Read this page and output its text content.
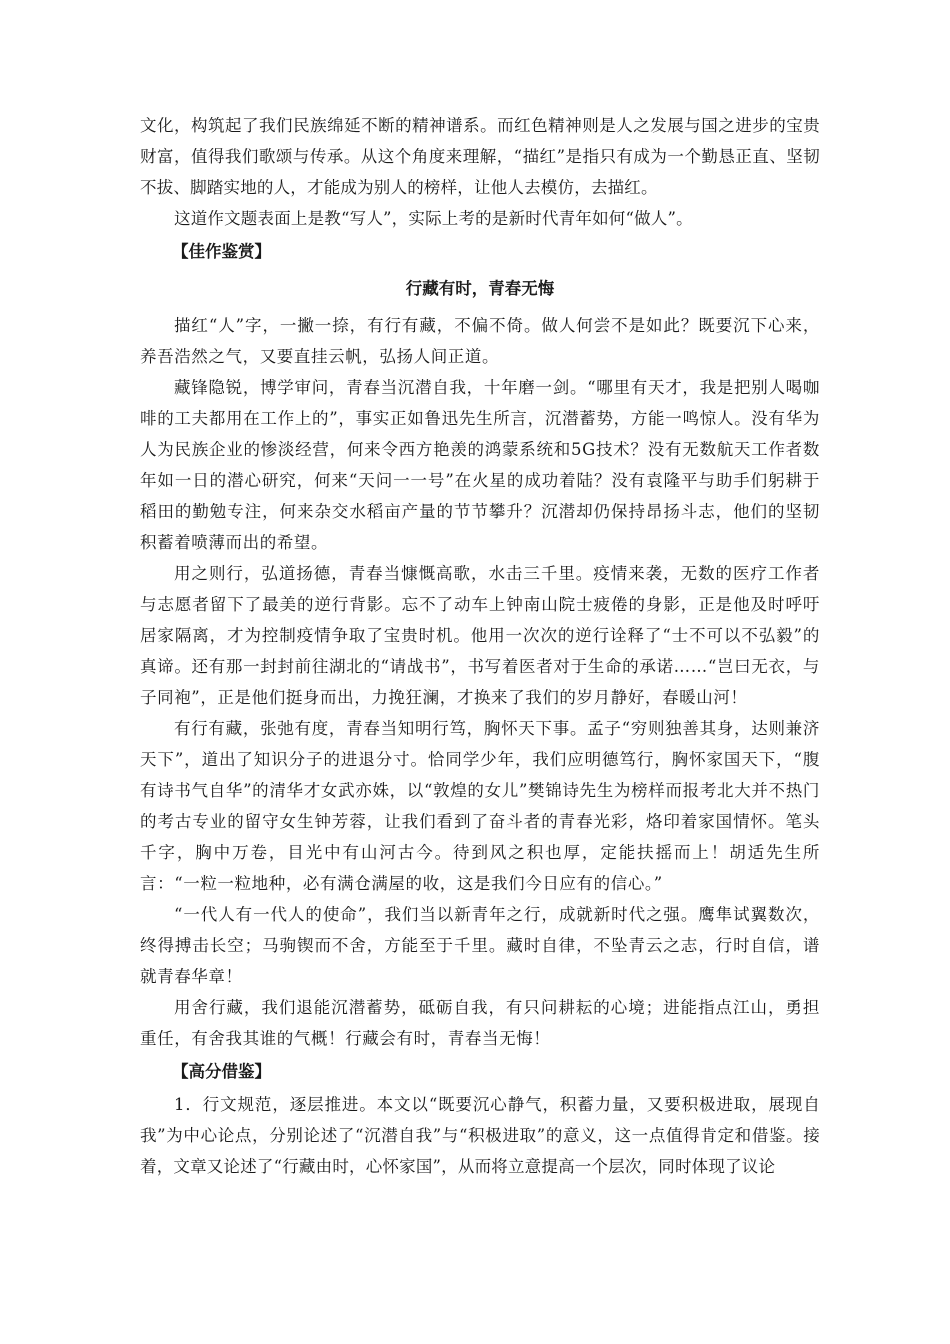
文化，构筑起了我们民族绵延不断的精神谱系。而红色精神则是人之发展与国之进步的宝贵财富，值得我们歌颂与传承。从这个角度来理解，“描红”是指只有成为一个勤恳正直、坚韧不拔、脚踏实地的人，才能成为别人的榜样，让他人去模仿，去描红。

这道作文题表面上是教“写人”，实际上考的是新时代青年如何“做人”。

【佳作鉴赏】
行藏有时，青春无悔

描红“人”字，一撇一捺，有行有藏，不偏不倚。做人何尝不是如此？既要沉下心来，养吾浩然之气，又要直挂云帆，弘扬人间正道。

藏锋隐锐，博学审问，青春当沉潜自我，十年磨一剑。“哪里有天才，我是把别人喝咖啡的工夫都用在工作上的”，事实正如鲁迅先生所言，沉潜蓄势，方能一鸣惊人。没有华为人为民族企业的惨淡经营，何来令西方艳羡的鸿蒙系统和5G技术？没有无数航天工作者数年如一日的潜心研究，何来“天问一一号”在火星的成功着陆？没有袁隆平与助手们躬耕于稻田的勤勉专注，何来杂交水稻亩产量的节节攀升？沉潜却仍保持昂扬斗志，他们的坚韧积蓄着喷薄而出的希望。

用之则行，弘道扬德，青春当慷慨高歌，水击三千里。疫情来袭，无数的医疗工作者与志愿者留下了最美的逆行背影。忘不了动车上钟南山院士疲倦的身影，正是他及时呼吁居家隔离，才为控制疫情争取了宝贵时机。他用一次次的逆行诠释了“士不可以不弘毅”的真谛。还有那一封封前往湖北的“请战书”，书写着医者对于生命的承诺……“岂曰无衣，与子同袍”，正是他们挺身而出，力挽狂澜，才换来了我们的岁月静好，春暖山河！

有行有藏，张弛有度，青春当知明行笃，胸怀天下事。孟子“穷则独善其身，达则兼济天下”，道出了知识分子的进退分寸。恰同学少年，我们应明德笃行，胸怀家国天下，“腹有诗书气自华”的清华才女武亦姝，以“敦煌的女儿”樊锦诗先生为榜样而报考北大并不热门的考古专业的留守女生钟芳蓉，让我们看到了奋斗者的青春光彩，烙印着家国情怀。笔头千字，胸中万卷，目光中有山河古今。待到风之积也厚，定能扶摇而上！胡适先生所言：“一粒一粒地种，必有满仓满屋的收，这是我们今日应有的信心。”

“一代人有一代人的使命”，我们当以新青年之行，成就新时代之强。鹰隼试翼数次，终得搏击长空；马驹锲而不舍，方能至于千里。藏时自律，不坠青云之志，行时自信，谱就青春华章！

用舍行藏，我们退能沉潜蓄势，砥砺自我，有只问耕耘的心境；进能指点江山，勇担重任，有舍我其谁的气概！行藏会有时，青春当无悔！

【高分借鉴】

1．行文规范，逐层推进。本文以“既要沉心静气，积蓄力量，又要积极进取，展现自我”为中心论点，分别论述了“沉潜自我”与“积极进取”的意义，这一点值得肯定和借鉴。接着，文章又论述了“行藏由时，心怀家国”，从而将立意提高一个层次，同时体现了议论
